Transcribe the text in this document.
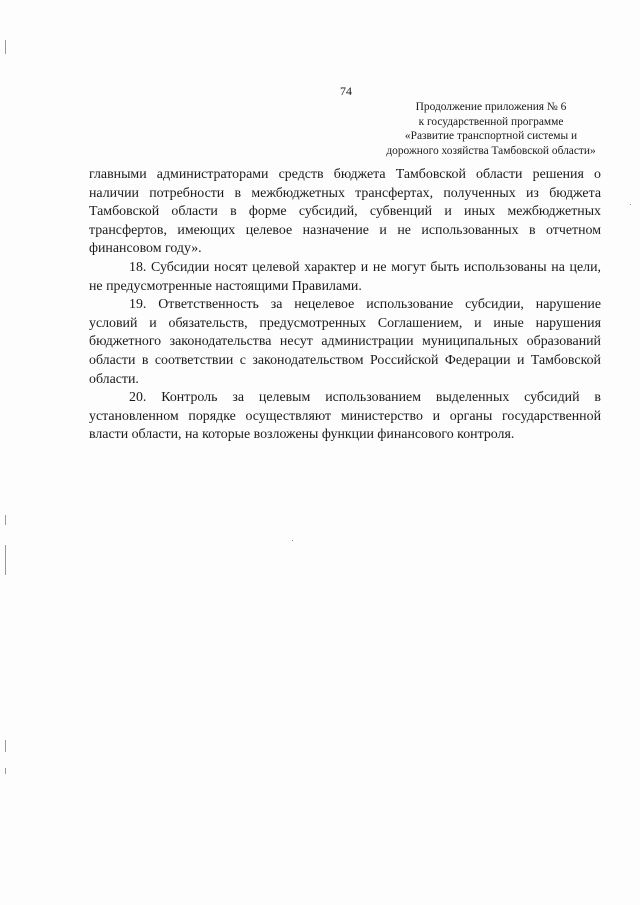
74
Продолжение приложения № 6
к государственной программе
«Развитие транспортной системы и
дорожного хозяйства Тамбовской области»

главными администраторами средств бюджета Тамбовской области решения о наличии потребности в межбюджетных трансфертах, полученных из бюджета Тамбовской области в форме субсидий, субвенций и иных межбюджетных трансфертов, имеющих целевое назначение и не использованных в отчетном финансовом году».

18. Субсидии носят целевой характер и не могут быть использованы на цели, не предусмотренные настоящими Правилами.

19. Ответственность за нецелевое использование субсидии, нарушение условий и обязательств, предусмотренных Соглашением, и иные нарушения бюджетного законодательства несут администрации муниципальных образований области в соответствии с законодательством Российской Федерации и Тамбовской области.

20. Контроль за целевым использованием выделенных субсидий в установленном порядке осуществляют министерство и органы государственной власти области, на которые возложены функции финансового контроля.
